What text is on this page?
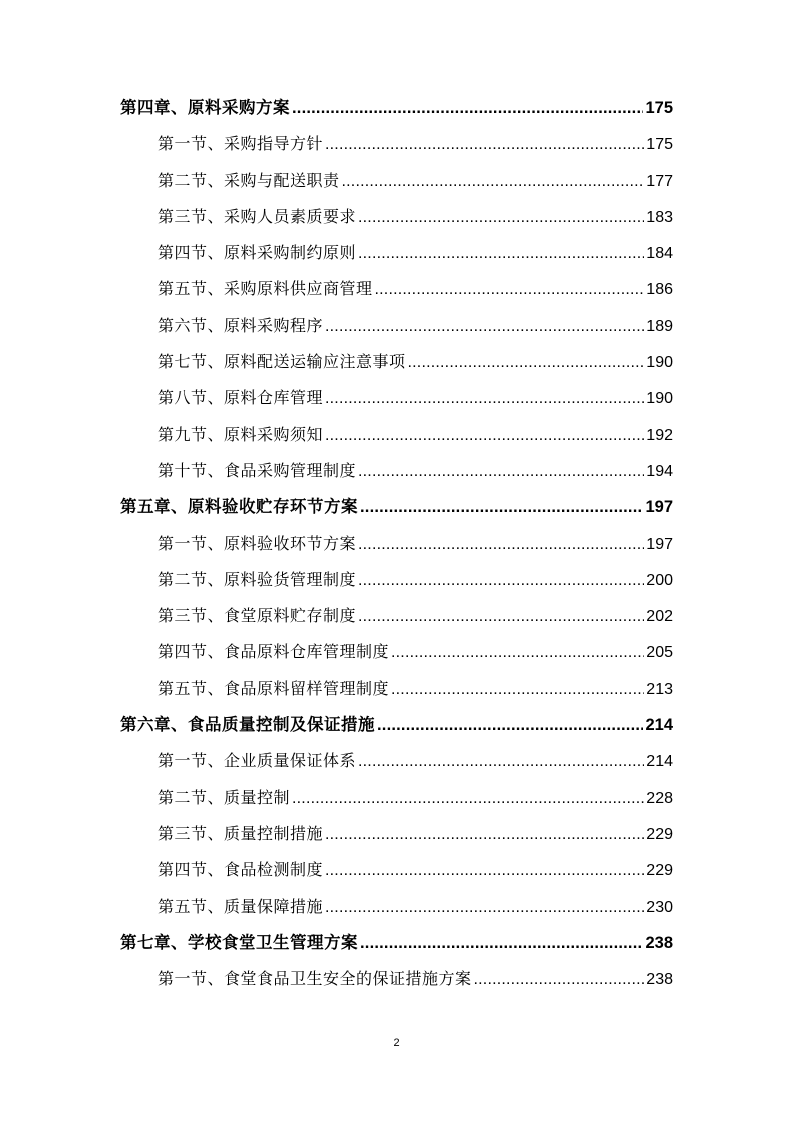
第四章、原料采购方案 .....	175
第一节、采购指导方针 .....	175
第二节、采购与配送职责 .....	177
第三节、采购人员素质要求 .....	183
第四节、原料采购制约原则 .....	184
第五节、采购原料供应商管理 .....	186
第六节、原料采购程序 .....	189
第七节、原料配送运输应注意事项 .....	190
第八节、原料仓库管理 .....	190
第九节、原料采购须知 .....	192
第十节、食品采购管理制度 .....	194
第五章、原料验收贮存环节方案 .....	197
第一节、原料验收环节方案 .....	197
第二节、原料验货管理制度 .....	200
第三节、食堂原料贮存制度 .....	202
第四节、食品原料仓库管理制度 .....	205
第五节、食品原料留样管理制度 .....	213
第六章、食品质量控制及保证措施 .....	214
第一节、企业质量保证体系 .....	214
第二节、质量控制 .....	228
第三节、质量控制措施 .....	229
第四节、食品检测制度 .....	229
第五节、质量保障措施 .....	230
第七章、学校食堂卫生管理方案 .....	238
第一节、食堂食品卫生安全的保证措施方案 .....	238
2
